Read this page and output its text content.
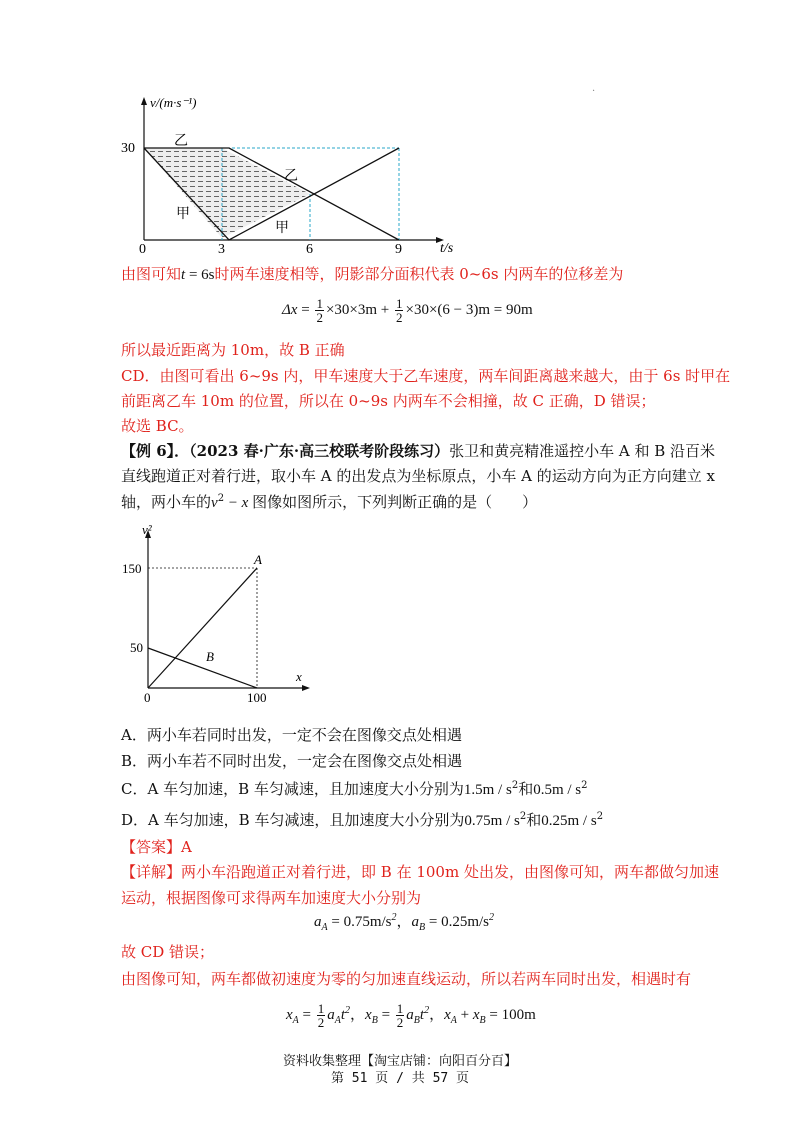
·
v/(m·s⁻¹)
30
0	3	6	9	t/s
乙
乙
甲
甲
由图可知t = 6s时两车速度相等，阴影部分面积代表 0~6s 内两车的位移差为
$\Delta x = \frac{1}{2} \times 30\times 3m + \frac{1}{2} \times 30\times(6 - 3)m = 90m$
所以最近距离为 10m，故 B 正确
CD．由图可看出 6~9s 内，甲车速度大于乙车速度，两车间距离越来越大，由于 6s 时甲在
前距离乙车 10m 的位置，所以在 0~9s 内两车不会相撞，故 C 正确，D 错误；
故选 BC。
【例 6】．（2023 春·广东·高三校联考阶段练习）张卫和黄亮精准遥控小车 A 和 B 沿百米
直线跑道正对着行进，取小车 A 的出发点为坐标原点，小车 A 的运动方向为正方向建立 x
轴，两小车的$v^2 - x$ 图像如图所示，下列判断正确的是（　　）
v²
150
50
0	100
x
A
B
A．两小车若同时出发，一定不会在图像交点处相遇
B．两小车若不同时出发，一定会在图像交点处相遇
C．A 车匀加速，B 车匀减速，且加速度大小分别为$1.5m / s^2$和$0.5m / s^2$
D．A 车匀加速，B 车匀减速，且加速度大小分别为$0.75m / s^2$和$0.25m / s^2$
【答案】A
【详解】两小车沿跑道正对着行进，即 B 在 100m 处出发，由图像可知，两车都做匀加速
运动，根据图像可求得两车加速度大小分别为
$a_A = 0.75m/s^2$，$a_B = 0.25m/s^2$
故 CD 错误；
由图像可知，两车都做初速度为零的匀加速直线运动，所以若两车同时出发，相遇时有
$x_A = \frac{1}{2} a_At^2$，$x_B = \frac{1}{2} a_Bt^2$，$x_A + x_B = 100m$
资料收集整理【淘宝店铺：向阳百分百】
第 51 页 / 共 57 页
